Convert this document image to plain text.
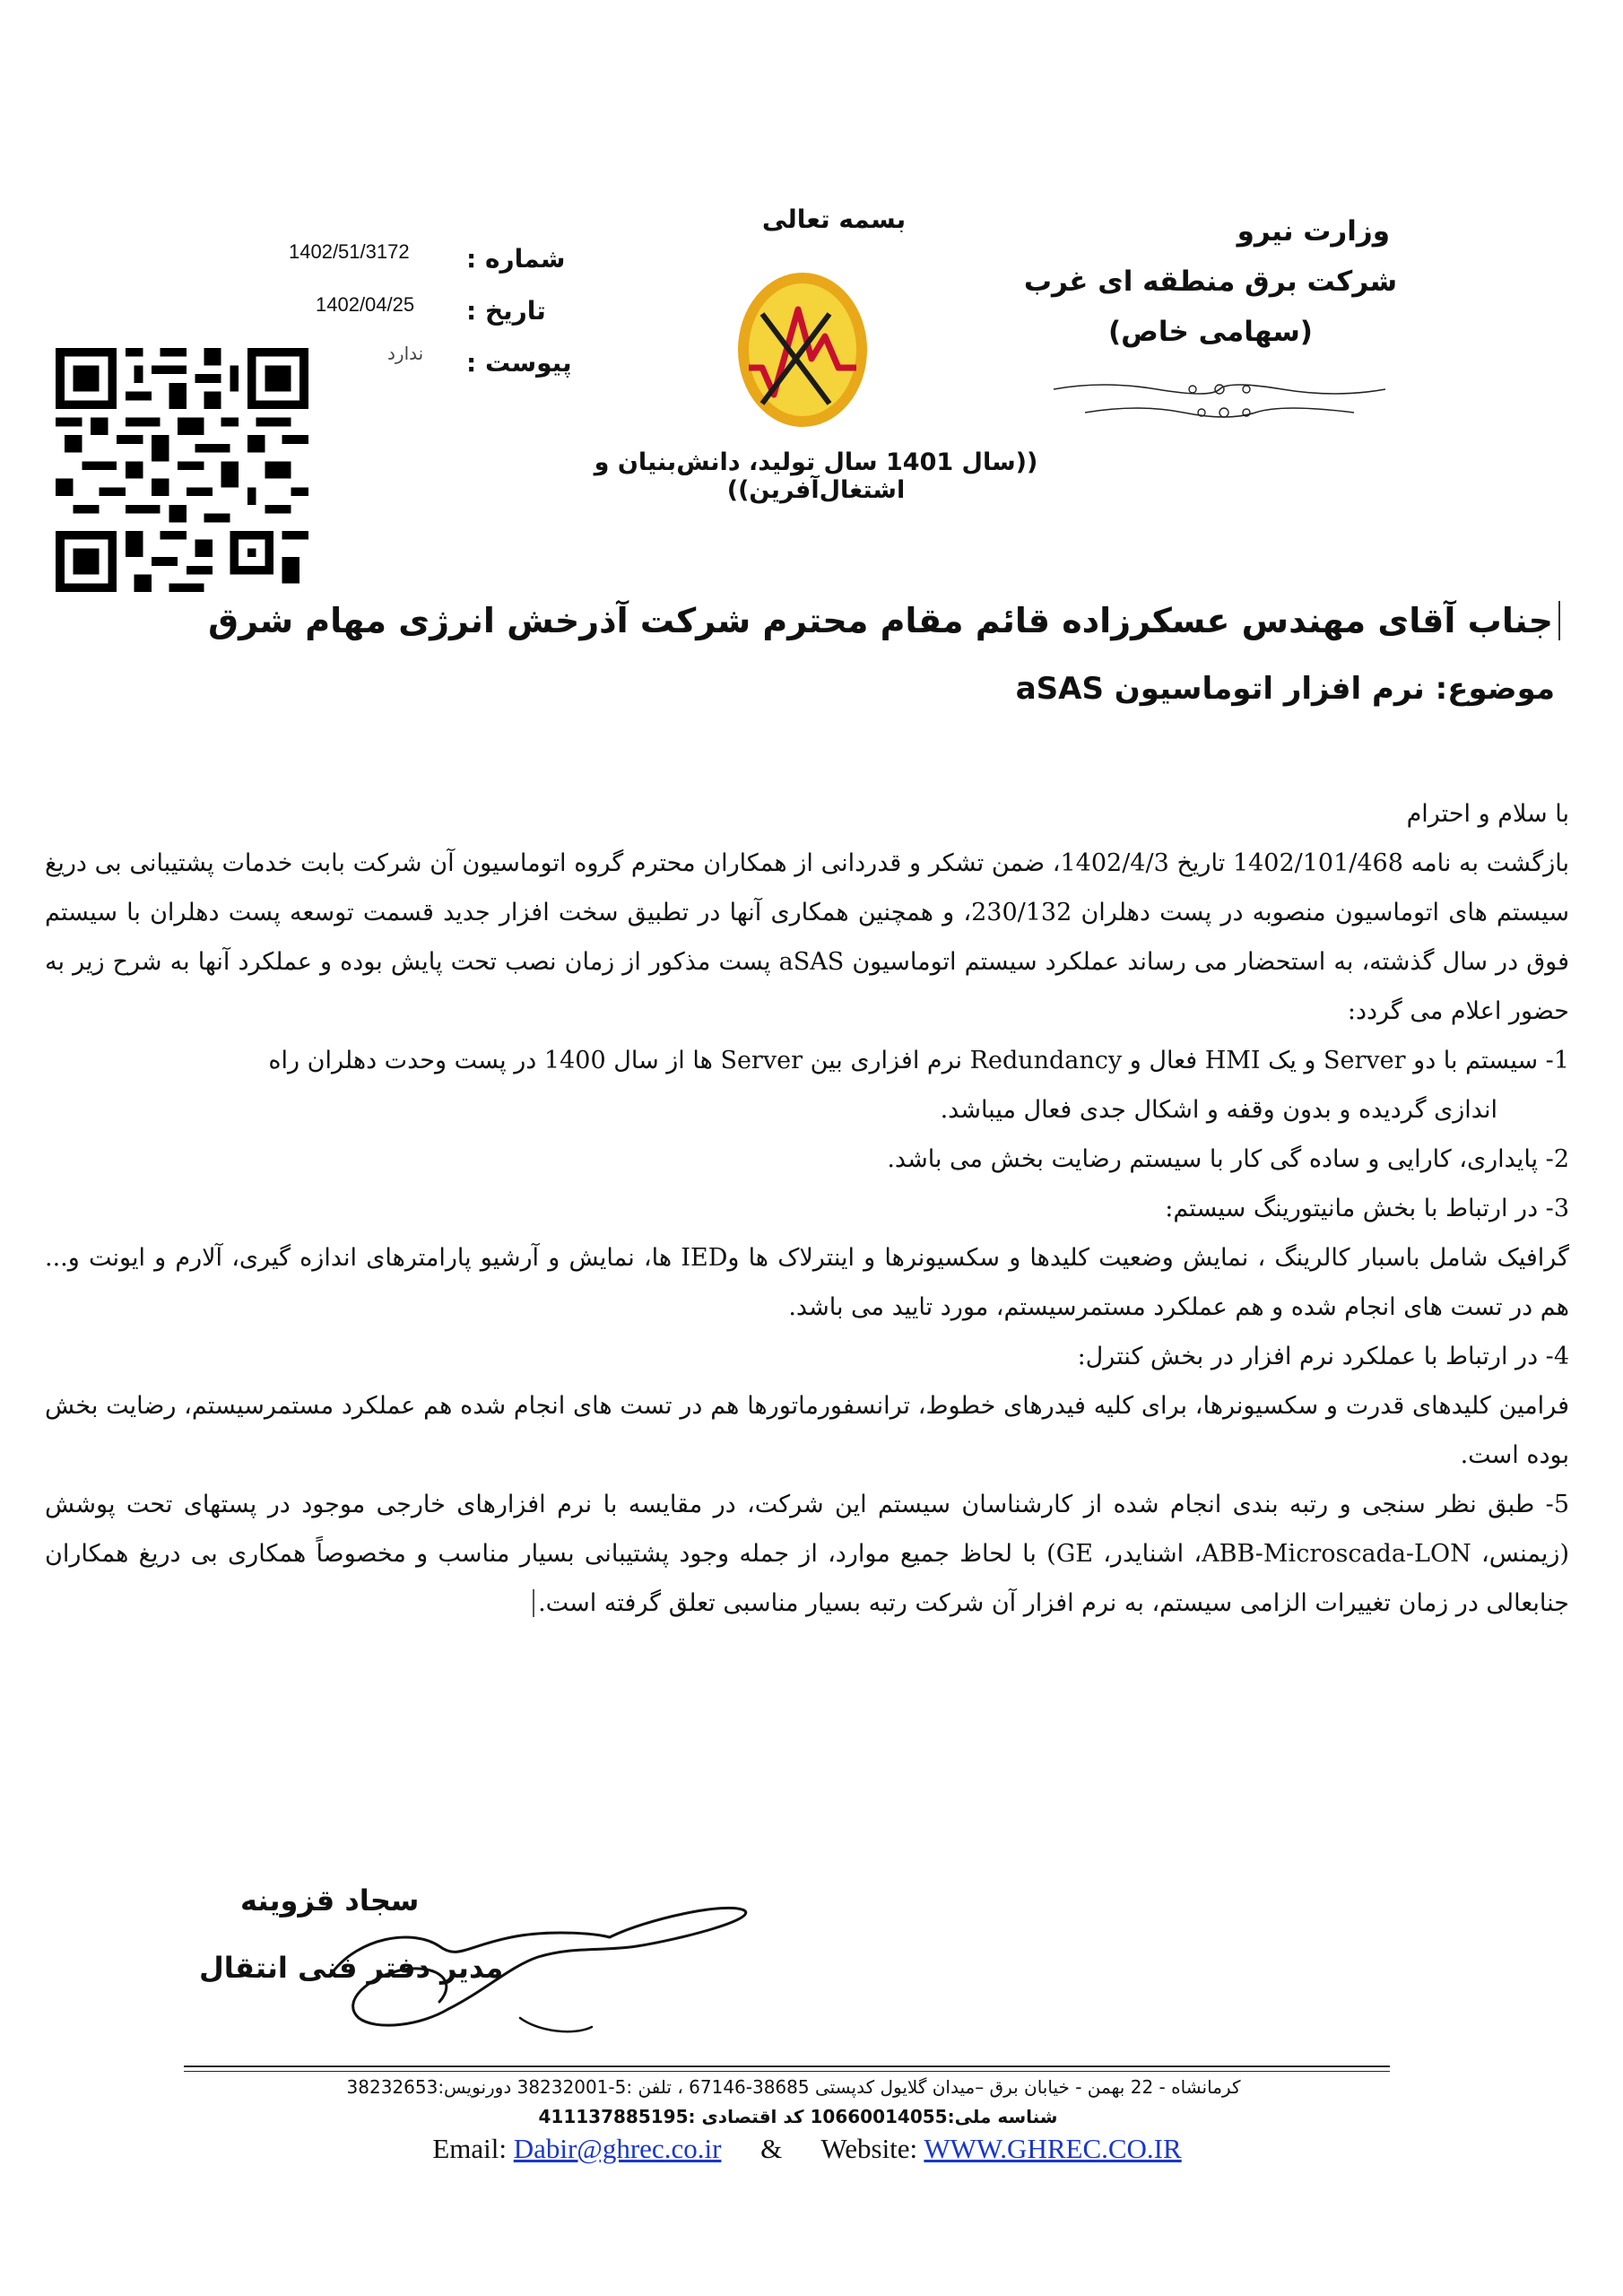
وزارت نیرو
شرکت برق منطقه ای غرب
(سهامی خاص)
بسمه تعالی
((سال 1401 سال تولید، دانش‌بنیان و اشتغال‌آفرین))
شماره :
1402/51/3172
تاریخ :
1402/04/25
پیوست :
ندارد
جناب آقای مهندس عسکرزاده قائم مقام محترم شرکت آذرخش انرژی مهام شرق
موضوع: نرم افزار اتوماسیون aSAS

با سلام و احترام

بازگشت به نامه 1402/101/468 تاریخ 1402/4/3، ضمن تشکر و قدردانی از همکاران محترم گروه اتوماسیون آن شرکت بابت خدمات پشتیبانی بی دریغ سیستم های اتوماسیون منصوبه در پست دهلران 230/132، و همچنین همکاری آنها در تطبیق سخت افزار جدید قسمت توسعه پست دهلران با سیستم فوق در سال گذشته، به استحضار می رساند عملکرد سیستم اتوماسیون aSAS پست مذکور از زمان نصب تحت پایش بوده و عملکرد آنها به شرح زیر به حضور اعلام می گردد:

1- سیستم با دو Server و یک HMI فعال و Redundancy نرم افزاری بین Server ها از سال 1400 در پست وحدت دهلران راه

اندازی گردیده و بدون وقفه و اشکال جدی فعال میباشد.

2- پایداری، کارایی و ساده گی کار با سیستم رضایت بخش می باشد.

3- در ارتباط با بخش مانیتورینگ سیستم:

گرافیک شامل باسبار کالرینگ ، نمایش وضعیت کلیدها و سکسیونرها و اینترلاک ها وIED ها، نمایش و آرشیو پارامترهای اندازه گیری، آلارم و ایونت و... هم در تست های انجام شده و هم عملکرد مستمرسیستم، مورد تایید می باشد.

4- در ارتباط با عملکرد نرم افزار در بخش کنترل:

فرامین کلیدهای قدرت و سکسیونرها، برای کلیه فیدرهای خطوط، ترانسفورماتورها هم در تست های انجام شده هم عملکرد مستمرسیستم، رضایت بخش بوده است.

5- طبق نظر سنجی و رتبه بندی انجام شده از کارشناسان سیستم این شرکت، در مقایسه با نرم افزارهای خارجی موجود در پستهای تحت پوشش (زیمنس، ABB-Microscada-LON، اشنایدر، GE) با لحاظ جمیع موارد، از جمله وجود پشتیبانی بسیار مناسب و مخصوصاً همکاری بی دریغ همکاران جنابعالی در زمان تغییرات الزامی سیستم، به نرم افزار آن شرکت رتبه بسیار مناسبی تعلق گرفته است.

سجاد قزوینه
مدیر دفتر فنی انتقال
کرمانشاه - 22 بهمن - خیابان برق –میدان گلایول کدپستی 38685-67146 ، تلفن :5-38232001 دورنویس:38232653
شناسه ملی:10660014055 کد اقتصادی :411137885195
Email: Dabir@ghrec.co.ir & Website: WWW.GHREC.CO.IR
